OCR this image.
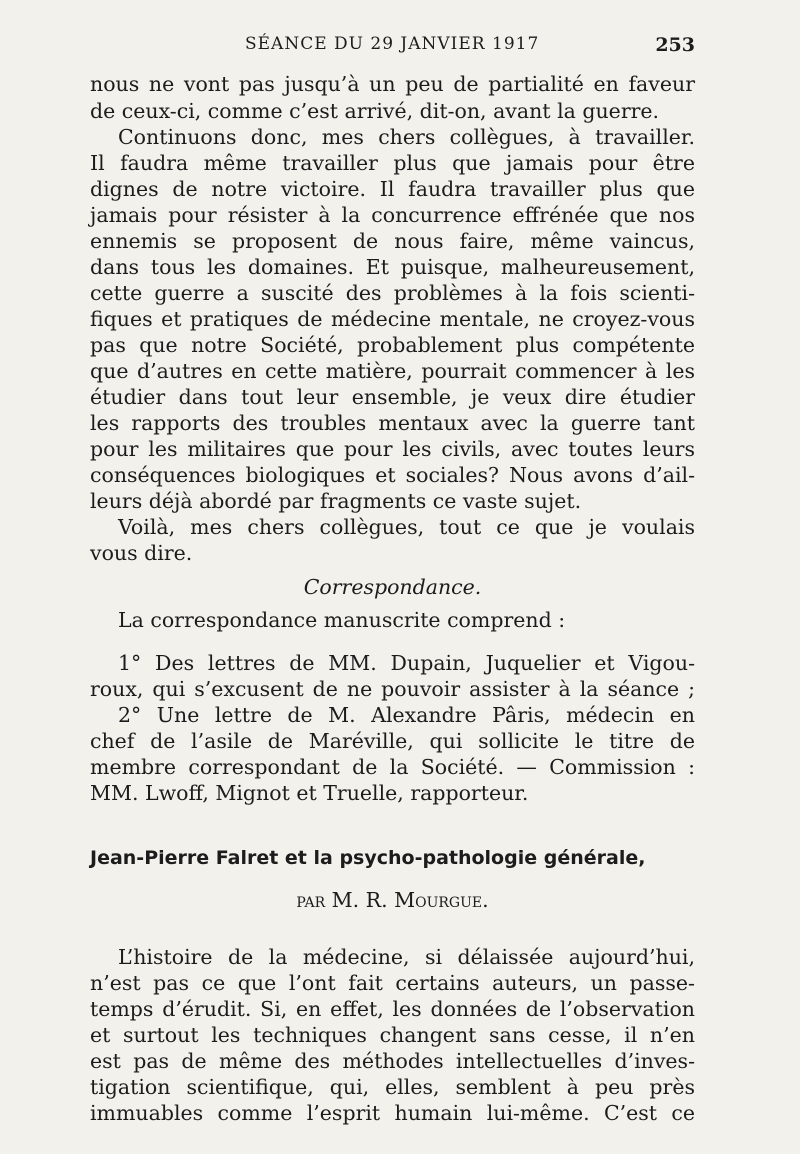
SÉANCE DU 29 JANVIER 1917	253
nous ne vont pas jusqu’à un peu de partialité en faveur
de ceux-ci, comme c’est arrivé, dit-on, avant la guerre.
Continuons donc, mes chers collègues, à travailler.
Il faudra même travailler plus que jamais pour être
dignes de notre victoire. Il faudra travailler plus que
jamais pour résister à la concurrence effrénée que nos
ennemis se proposent de nous faire, même vaincus,
dans tous les domaines. Et puisque, malheureusement,
cette guerre a suscité des problèmes à la fois scienti-
fiques et pratiques de médecine mentale, ne croyez-vous
pas que notre Société, probablement plus compétente
que d’autres en cette matière, pourrait commencer à les
étudier dans tout leur ensemble, je veux dire étudier
les rapports des troubles mentaux avec la guerre tant
pour les militaires que pour les civils, avec toutes leurs
conséquences biologiques et sociales? Nous avons d’ail-
leurs déjà abordé par fragments ce vaste sujet.
Voilà, mes chers collègues, tout ce que je voulais
vous dire.
Correspondance.
La correspondance manuscrite comprend :
1° Des lettres de MM. Dupain, Juquelier et Vigou-
roux, qui s’excusent de ne pouvoir assister à la séance ;
2° Une lettre de M. Alexandre Pâris, médecin en
chef de l’asile de Maréville, qui sollicite le titre de
membre correspondant de la Société. — Commission :
MM. Lwoff, Mignot et Truelle, rapporteur.
Jean-Pierre Falret et la psycho-pathologie générale,
par M. R. Mourgue.
L’histoire de la médecine, si délaissée aujourd’hui,
n’est pas ce que l’ont fait certains auteurs, un passe-
temps d’érudit. Si, en effet, les données de l’observation
et surtout les techniques changent sans cesse, il n’en
est pas de même des méthodes intellectuelles d’inves-
tigation scientifique, qui, elles, semblent à peu près
immuables comme l’esprit humain lui-même. C’est ce
